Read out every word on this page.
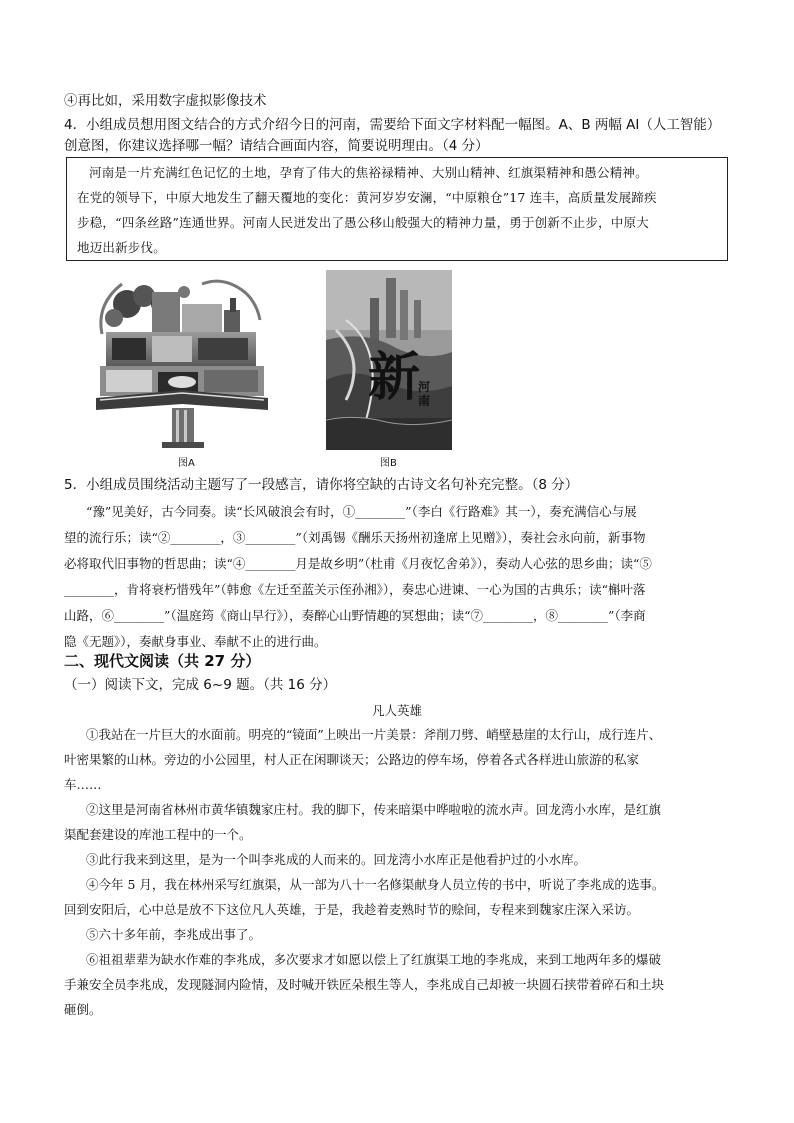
④再比如，采用数字虚拟影像技术
4．小组成员想用图文结合的方式介绍今日的河南，需要给下面文字材料配一幅图。A、B 两幅 AI（人工智能）
创意图，你建议选择哪一幅？请结合画面内容，简要说明理由。（4 分）
河南是一片充满红色记忆的土地，孕育了伟大的焦裕禄精神、大别山精神、红旗渠精神和愚公精神。
在党的领导下，中原大地发生了翻天覆地的变化：黄河岁岁安澜，“中原粮仓”17 连丰，高质量发展蹄疾
步稳，“四条丝路”连通世界。河南人民迸发出了愚公移山般强大的精神力量，勇于创新不止步，中原大
地迈出新步伐。
图A
新
河南
图B
5．小组成员围绕活动主题写了一段感言，请你将空缺的古诗文名句补充完整。（8 分）
“豫”见美好，古今同奏。读“长风破浪会有时，①________”（李白《行路难》其一），奏充满信心与展
望的流行乐；读“②________，③________”（刘禹锡《酬乐天扬州初逢席上见赠》），奏社会永向前，新事物
必将取代旧事物的哲思曲；读“④________月是故乡明”（杜甫《月夜忆舍弟》），奏动人心弦的思乡曲；读“⑤
________，肯将衰朽惜残年”（韩愈《左迁至蓝关示侄孙湘》），奏忠心进谏、一心为国的古典乐；读“槲叶落
山路，⑥________”（温庭筠《商山早行》），奏醉心山野情趣的冥想曲；读“⑦________，⑧________”（李商
隐《无题》），奏献身事业、奉献不止的进行曲。
二、现代文阅读（共 27 分）
（一）阅读下文，完成 6~9 题。（共 16 分）
凡人英雄
①我站在一片巨大的水面前。明亮的“镜面”上映出一片美景：斧削刀劈、峭壁悬崖的太行山，成行连片、
叶密果繁的山林。旁边的小公园里，村人正在闲聊谈天；公路边的停车场，停着各式各样进山旅游的私家
车……
②这里是河南省林州市黄华镇魏家庄村。我的脚下，传来暗渠中哗啦啦的流水声。回龙湾小水库，是红旗
渠配套建设的库池工程中的一个。
③此行我来到这里，是为一个叫李兆成的人而来的。回龙湾小水库正是他看护过的小水库。
④今年 5 月，我在林州采写红旗渠，从一部为八十一名修渠献身人员立传的书中，听说了李兆成的选事。
回到安阳后，心中总是放不下这位凡人英雄，于是，我趁着麦熟时节的赊间，专程来到魏家庄深入采访。
⑤六十多年前，李兆成出事了。
⑥祖祖辈辈为缺水作难的李兆成，多次要求才如愿以偿上了红旗渠工地的李兆成，来到工地两年多的爆破
手兼安全员李兆成，发现隧洞内险情，及时喊开铁匠朵根生等人，李兆成自己却被一块圆石挟带着碎石和土块
砸倒。
